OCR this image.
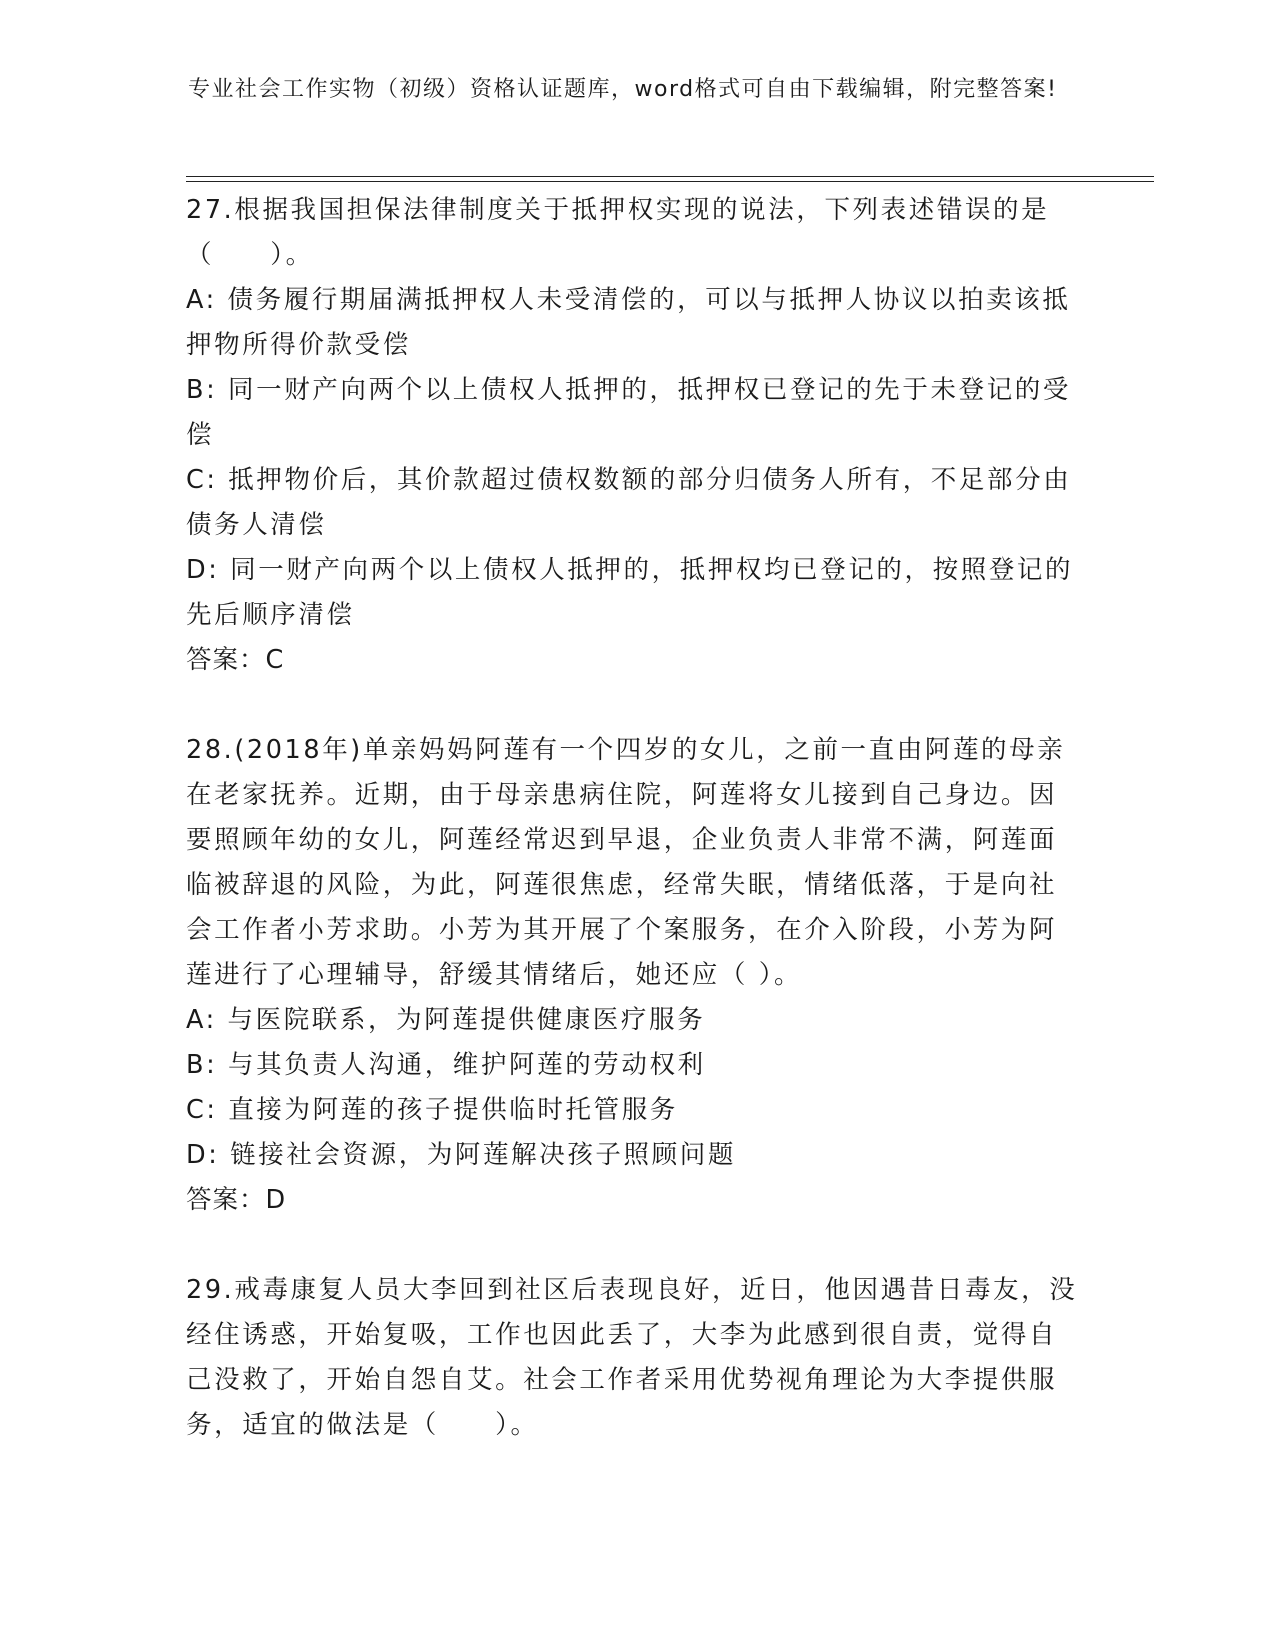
专业社会工作实物（初级）资格认证题库，word格式可自由下载编辑，附完整答案!

27.根据我国担保法律制度关于抵押权实现的说法，下列表述错误的是（　　）。

A: 债务履行期届满抵押权人未受清偿的，可以与抵押人协议以拍卖该抵押物所得价款受偿

B: 同一财产向两个以上债权人抵押的，抵押权已登记的先于未登记的受偿

C: 抵押物价后，其价款超过债权数额的部分归债务人所有，不足部分由债务人清偿

D: 同一财产向两个以上债权人抵押的，抵押权均已登记的，按照登记的先后顺序清偿

答案：C

28.(2018年)单亲妈妈阿莲有一个四岁的女儿，之前一直由阿莲的母亲在老家抚养。近期，由于母亲患病住院，阿莲将女儿接到自己身边。因要照顾年幼的女儿，阿莲经常迟到早退，企业负责人非常不满，阿莲面临被辞退的风险，为此，阿莲很焦虑，经常失眠，情绪低落，于是向社会工作者小芳求助。小芳为其开展了个案服务，在介入阶段，小芳为阿莲进行了心理辅导，舒缓其情绪后，她还应（ ）。

A: 与医院联系，为阿莲提供健康医疗服务

B: 与其负责人沟通，维护阿莲的劳动权利

C: 直接为阿莲的孩子提供临时托管服务

D: 链接社会资源，为阿莲解决孩子照顾问题

答案：D

29.戒毒康复人员大李回到社区后表现良好，近日，他因遇昔日毒友，没经住诱惑，开始复吸，工作也因此丢了，大李为此感到很自责，觉得自己没救了，开始自怨自艾。社会工作者采用优势视角理论为大李提供服务，适宜的做法是（　　）。
